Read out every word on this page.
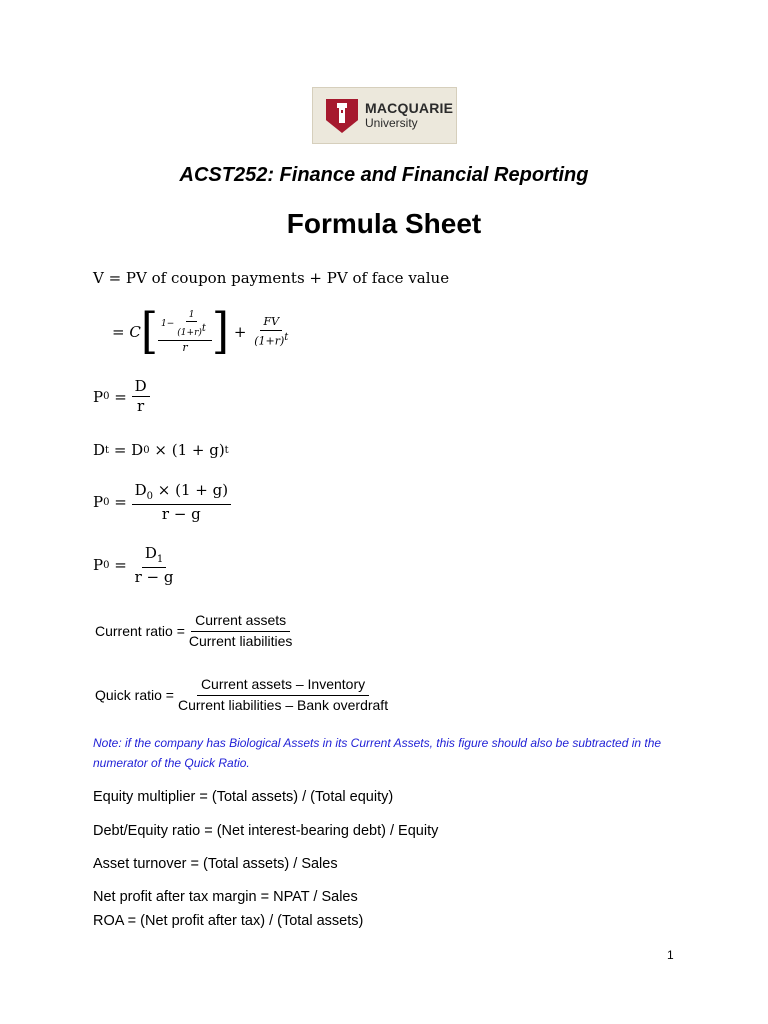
MACQUARIE
University
ACST252: Finance and Financial Reporting
Formula Sheet
V = PV of coupon payments + PV of face value
=
C [ $\frac{1- \frac{1}{(1+r)^t}}{r}$ ]
+
$\frac{FV}{(1+r)^t}$
P 0
=
$\frac{D}{r}$
D t
= D 0
× (1 + g) t
P 0
=
$\frac{D_0 \times (1 + g)}{r - g}$
P 0
=
$\frac{D_1}{r - g}$
Current ratio = $\frac{\text{Current assets}}{\text{Current liabilities}}$
Quick ratio = $\frac{\text{Current assets – Inventory}}{\text{Current liabilities – Bank overdraft}}$
Note: if the company has Biological Assets in its Current Assets, this figure should also be subtracted in the numerator of the Quick Ratio.
Equity multiplier = (Total assets) / (Total equity)
Debt/Equity ratio = (Net interest-bearing debt) / Equity
Asset turnover = (Total assets) / Sales
Net profit after tax margin = NPAT / Sales
ROA = (Net profit after tax) / (Total assets)
1
